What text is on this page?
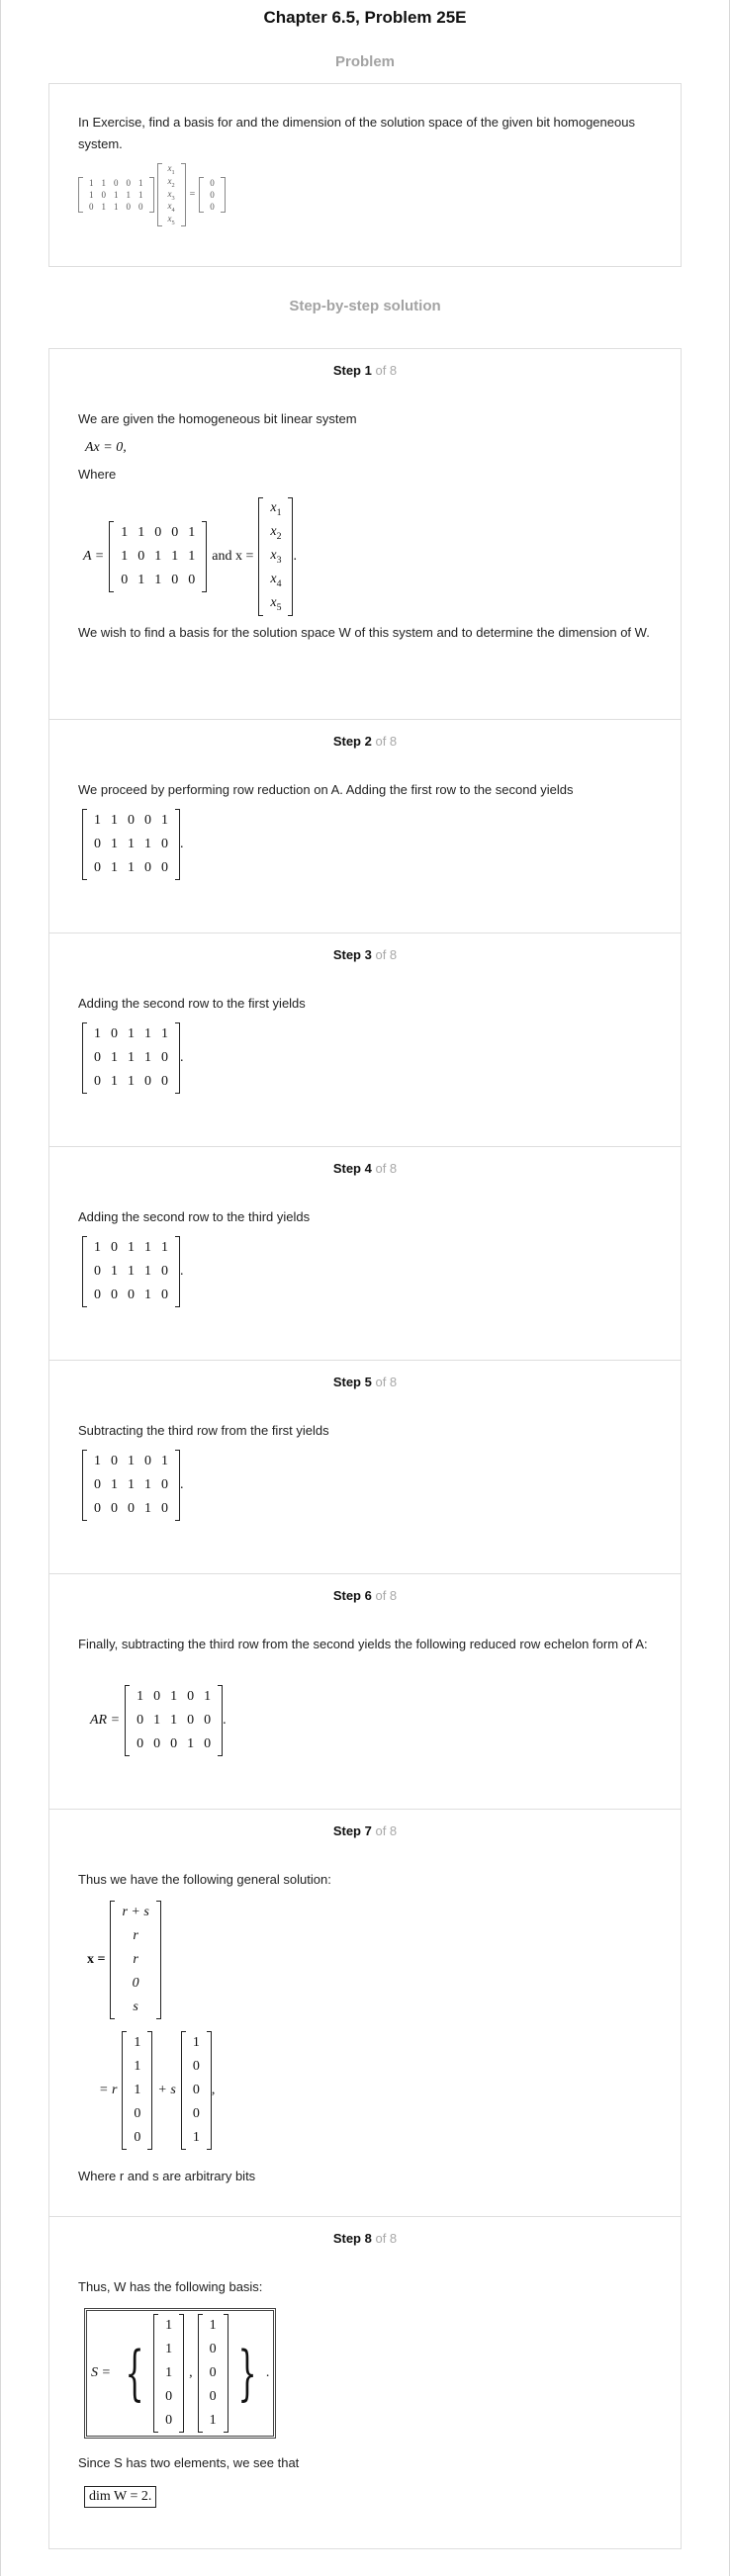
Chapter 6.5, Problem 25E
Problem
In Exercise, find a basis for and the dimension of the solution space of the given bit homogeneous system.
1	1	0	0	1
1	0	1	1	1
0	1	1	0	0
$x_1$
$x_2$
$x_3$
$x_4$
$x_5$
=
0
0
0
Step-by-step solution
Step 1 of 8
We are given the homogeneous bit linear system
Ax = 0,
Where
A =
1	1	0	0	1
1	0	1	1	1
0	1	1	0	0
and x =
$x_1$
$x_2$
$x_3$
$x_4$
$x_5$
.
We wish to find a basis for the solution space W of this system and to determine the dimension of W.
Step 2 of 8
We proceed by performing row reduction on A. Adding the first row to the second yields
1	1	0	0	1
0	1	1	1	0
0	1	1	0	0
.
Step 3 of 8
Adding the second row to the first yields
1	0	1	1	1
0	1	1	1	0
0	1	1	0	0
.
Step 4 of 8
Adding the second row to the third yields
1	0	1	1	1
0	1	1	1	0
0	0	0	1	0
.
Step 5 of 8
Subtracting the third row from the first yields
1	0	1	0	1
0	1	1	1	0
0	0	0	1	0
.
Step 6 of 8
Finally, subtracting the third row from the second yields the following reduced row echelon form of A:
AR =
1	0	1	0	1
0	1	1	0	0
0	0	0	1	0
.
Step 7 of 8
Thus we have the following general solution:
x =
r + s
r
r
0
s
= r
1
1
1
0
0
+ s
1
0
0
0
1
,
Where r and s are arbitrary bits
Step 8 of 8
Thus, W has the following basis:
S = {
1
1
1
0
0
,
1
0
0
0
1
} .
Since S has two elements, we see that
dim W = 2.
